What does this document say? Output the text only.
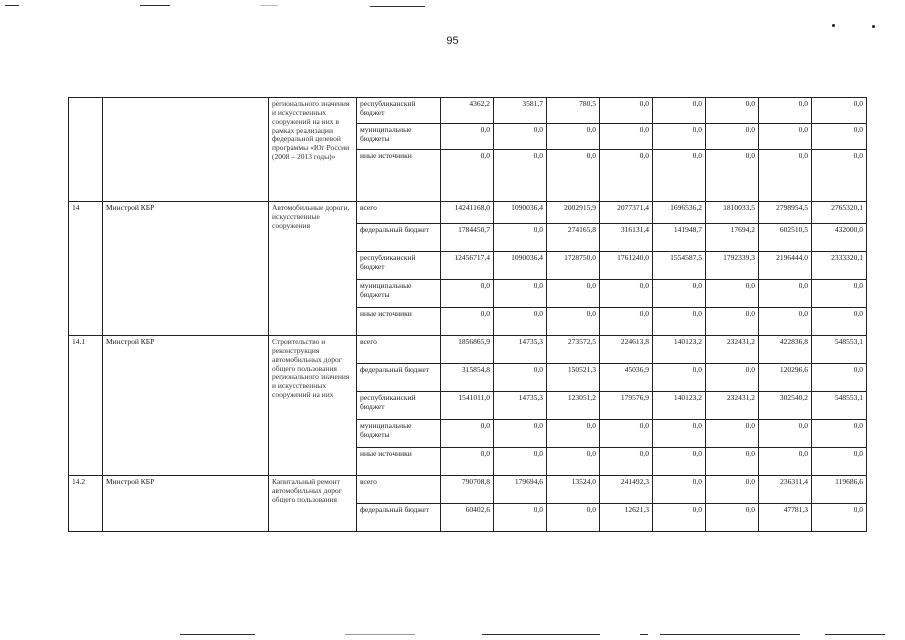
95
		регионального значения и искусственных сооружений на них в рамках реализации федеральной целевой программы «Юг России (2008 – 2013 годы)»	республиканский бюджет	4362,2	3581,7	780,5	0,0	0,0	0,0	0,0	0,0
			муниципальные бюджеты	0,0	0,0	0,0	0,0	0,0	0,0	0,0	0,0
			иные источники	0,0	0,0	0,0	0,0	0,0	0,0	0,0	0,0
14	Минстрой КБР	Автомобильные дороги, искусственные сооружения	всего	14241168,0	1090036,4	2002915,9	2077371,4	1696536,2	1810033,5	2798954,5	2765320,1
			федеральный бюджет	1784450,7	0,0	274165,8	316131,4	141948,7	17694,2	602510,5	432000,0
			республиканский бюджет	12456717,4	1090036,4	1728750,0	1761240,0	1554587,5	1792339,3	2196444,0	2333320,1
			муниципальные бюджеты	0,0	0,0	0,0	0,0	0,0	0,0	0,0	0,0
			иные источники	0,0	0,0	0,0	0,0	0,0	0,0	0,0	0,0
14.1	Минстрой КБР	Строительство и реконструкция автомобильных дорог общего пользования регионального значения и искусственных сооружений на них	всего	1856865,9	14735,3	273572,5	224613,8	140123,2	232431,2	422836,8	548553,1
			федеральный бюджет	315854,8	0,0	150521,3	45036,9	0,0	0,0	120296,6	0,0
			республиканский бюджет	1541011,0	14735,3	123051,2	179576,9	140123,2	232431,2	302540,2	548553,1
			муниципальные бюджеты	0,0	0,0	0,0	0,0	0,0	0,0	0,0	0,0
			иные источники	0,0	0,0	0,0	0,0	0,0	0,0	0,0	0,0
14.2	Минстрой КБР	Капитальный ремонт автомобильных дорог общего пользования	всего	790708,8	179694,6	13524,0	241492,3	0,0	0,0	236311,4	119686,6
			федеральный бюджет	60402,6	0,0	0,0	12621,3	0,0	0,0	47781,3	0,0
